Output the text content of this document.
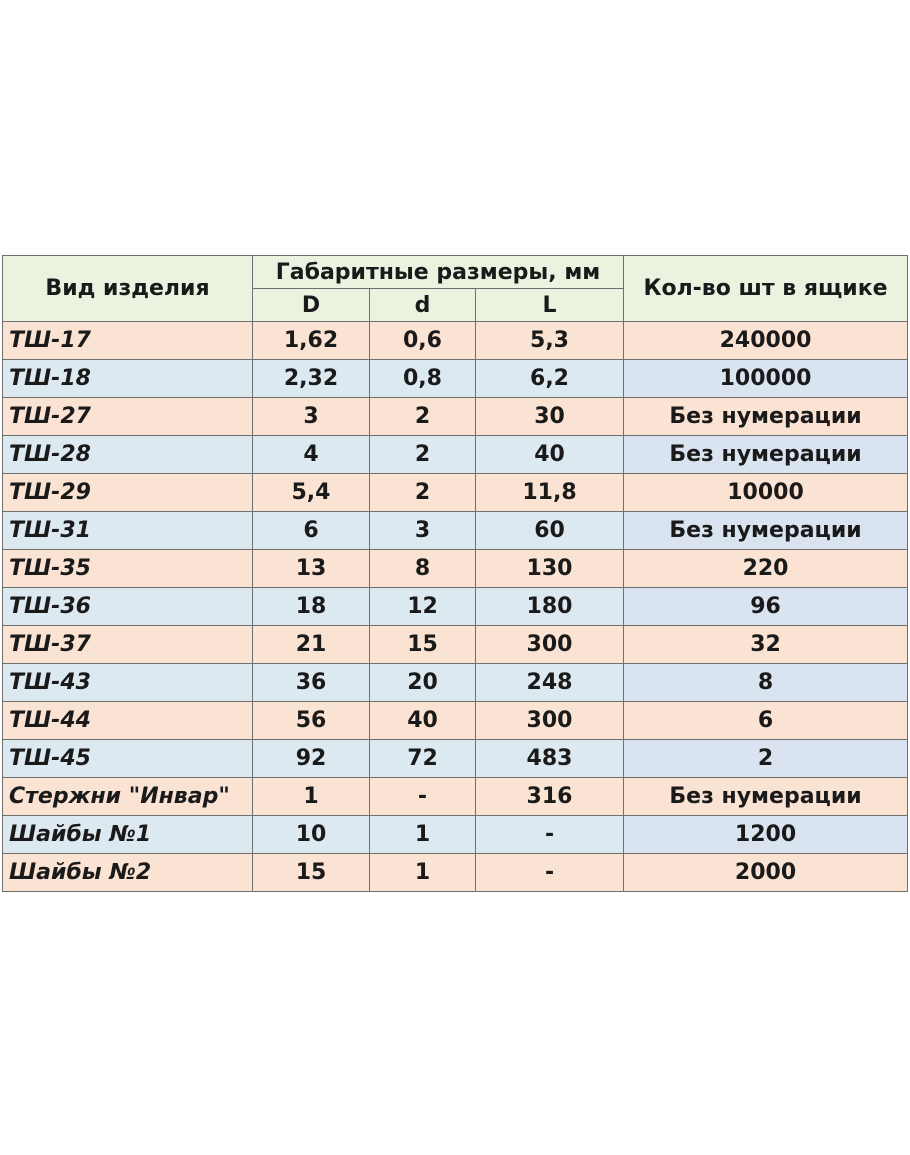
Вид изделия	Габаритные размеры, мм			Кол-во шт в ящике
	D	d	L	
ТШ-17	1,62	0,6	5,3	240000
ТШ-18	2,32	0,8	6,2	100000
ТШ-27	3	2	30	Без нумерации
ТШ-28	4	2	40	Без нумерации
ТШ-29	5,4	2	11,8	10000
ТШ-31	6	3	60	Без нумерации
ТШ-35	13	8	130	220
ТШ-36	18	12	180	96
ТШ-37	21	15	300	32
ТШ-43	36	20	248	8
ТШ-44	56	40	300	6
ТШ-45	92	72	483	2
Стержни "Инвар"	1	-	316	Без нумерации
Шайбы №1	10	1	-	1200
Шайбы №2	15	1	-	2000
